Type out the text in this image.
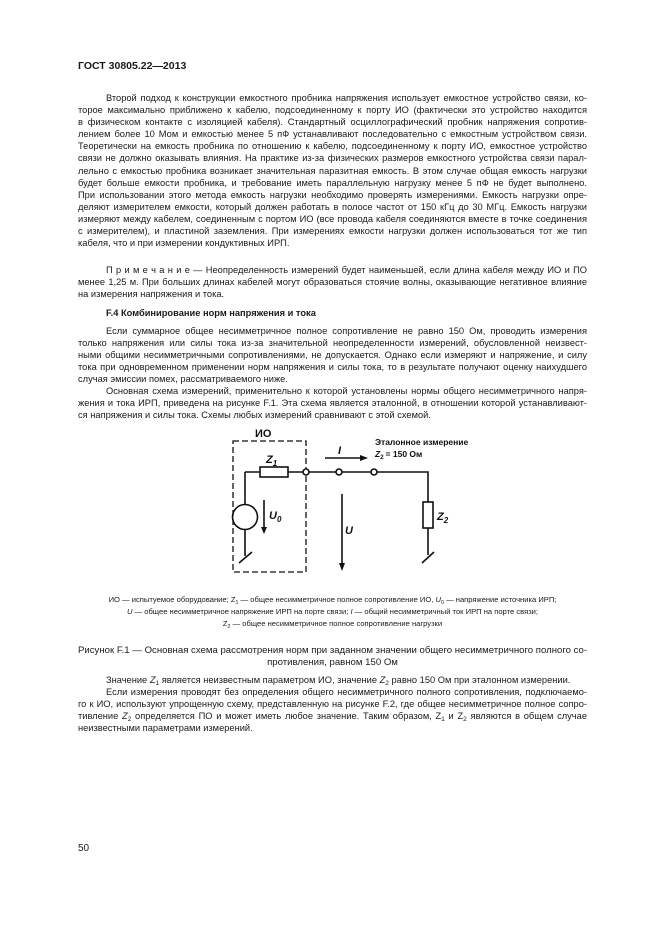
ГОСТ 30805.22—2013
Второй подход к конструкции емкостного пробника напряжения использует емкостное устройство связи, ко-
торое максимально приближено к кабелю, подсоединенному к порту ИО (фактически это устройство находится
в физическом контакте с изоляцией кабеля). Стандартный осциллографический пробник напряжения сопротив-
лением более 10 Мом и емкостью менее 5 пФ устанавливают последовательно с емкостным устройством связи.
Теоретически на емкость пробника по отношению к кабелю, подсоединенному к порту ИО, емкостное устройство
связи не должно оказывать влияния. На практике из-за физических размеров емкостного устройства связи парал-
лельно с емкостью пробника возникает значительная паразитная емкость. В этом случае общая емкость нагрузки
будет больше емкости пробника, и требование иметь параллельную нагрузку менее 5 пФ не будет выполнено.
При использовании этого метода емкость нагрузки необходимо проверять измерениями. Емкость нагрузки опре-
деляют измерителем емкости, который должен работать в полосе частот от 150 кГц до 30 МГц. Емкость нагрузки
измеряют между кабелем, соединенным с портом ИО (все провода кабеля соединяются вместе в точке соединения
с измерителем), и пластиной заземления. При измерениях емкости нагрузки должен использоваться тот же тип
кабеля, что и при измерении кондуктивных ИРП.
П р и м е ч а н и е — Неопределенность измерений будет наименьшей, если длина кабеля между ИО и ПО
менее 1,25 м. При больших длинах кабелей могут образоваться стоячие волны, оказывающие негативное влияние
на измерения напряжения и тока.
F.4 Комбинирование норм напряжения и тока
Если суммарное общее несимметричное полное сопротивление не равно 150 Ом, проводить измерения
только напряжения или силы тока из-за значительной неопределенности измерений, обусловленной неизвест-
ными общими несимметричными сопротивлениями, не допускается. Однако если измеряют и напряжение, и силу
тока при одновременном применении норм напряжения и силы тока, то в результате получают оценку наихудшего
случая эмиссии помех, рассматриваемого ниже.
Основная схема измерений, применительно к которой установлены нормы общего несимметричного напря-
жения и тока ИРП, приведена на рисунке F.1. Эта схема является эталонной, в отношении которой устанавливают-
ся напряжения и силы тока. Схемы любых измерений сравнивают с этой схемой.
ИО
$Z_1$
$U_0$
I
U
$Z_2$
Эталонное измерение
$Z_2 = 150$ Ом
ИО — испытуемое оборудование; $Z_1$ — общее несимметричное полное сопротивление ИО, $U_0$ — напряжение источника ИРП;
U — общее несимметричное напряжение ИРП на порте связи; I — общий несимметричный ток ИРП на порте связи;
$Z_2$ — общее несимметричное полное сопротивление нагрузки
Рисунок F.1 — Основная схема рассмотрения норм при заданном значении общего несимметричного полного со-
противления, равном 150 Ом
Значение $Z_1$ является неизвестным параметром ИО, значение $Z_2$ равно 150 Ом при эталонном измерении.
Если измерения проводят без определения общего несимметричного полного сопротивления, подключаемо-
го к ИО, используют упрощенную схему, представленную на рисунке F.2, где общее несимметричное полное сопро-
тивление $Z_2$ определяется ПО и может иметь любое значение. Таким образом, $Z_1$ и $Z_2$ являются в общем случае
неизвестными параметрами измерений.
50
